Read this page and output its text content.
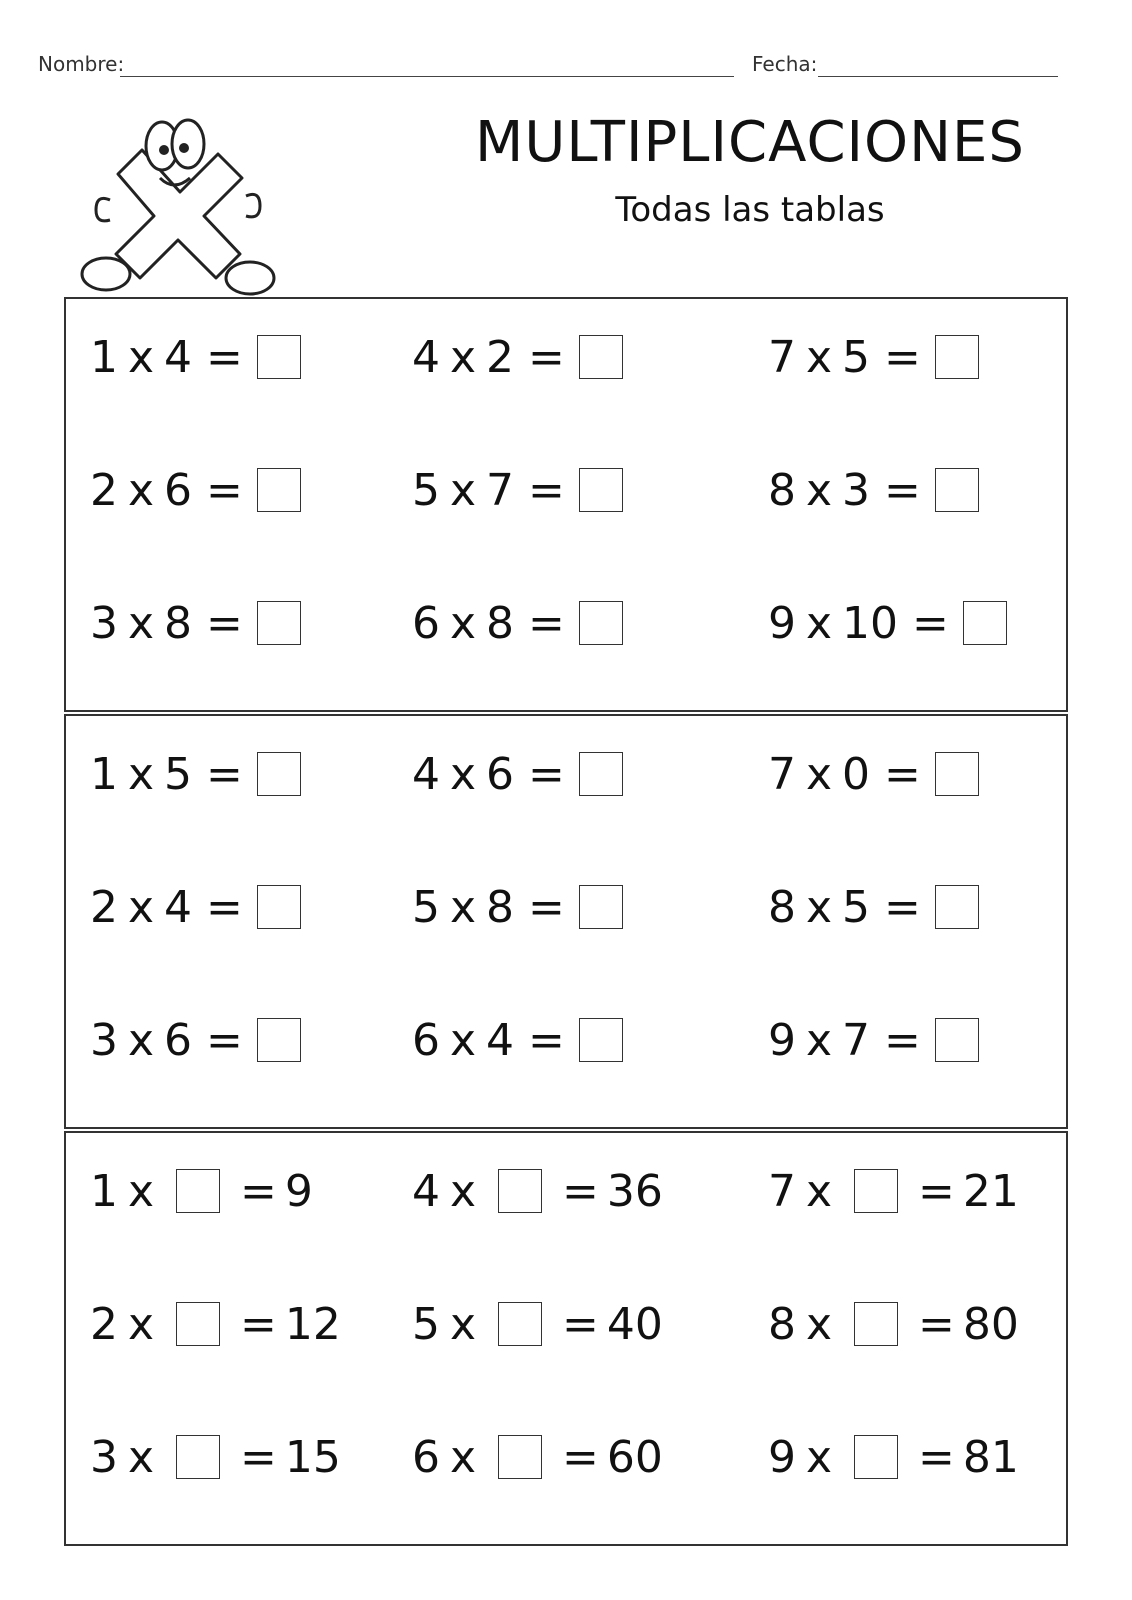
Nombre:	Fecha:
MULTIPLICACIONES
Todas las tablas
1 x 4 =	4 x 2 =	7 x 5 =
2 x 6 =	5 x 7 =	8 x 3 =
3 x 8 =	6 x 8 =	9 x 10 =
1 x 5 =	4 x 6 =	7 x 0 =
2 x 4 =	5 x 8 =	8 x 5 =
3 x 6 =	6 x 4 =	9 x 7 =
1 x = 9 4 x = 36 7 x = 21
2 x = 12 5 x = 40 8 x = 80
3 x = 15 6 x = 60 9 x = 81
